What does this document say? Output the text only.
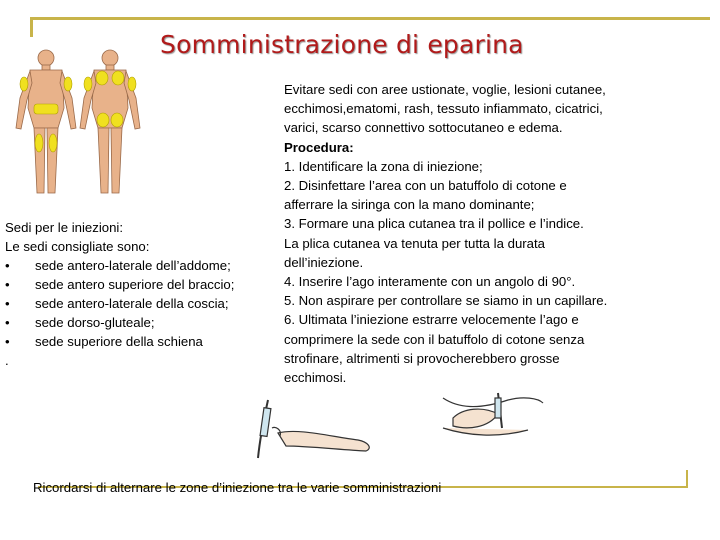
Somministrazione di eparina
Sedi per le iniezioni:
Le sedi consigliate sono:
• sede antero-laterale dell’addome;
• sede antero superiore del braccio;
• sede antero-laterale della coscia;
• sede dorso-gluteale;
• sede superiore della schiena
.
Evitare sedi con aree ustionate, voglie, lesioni cutanee,
ecchimosi,ematomi, rash, tessuto infiammato, cicatrici,
varici, scarso connettivo sottocutaneo e edema.
Procedura:
1. Identificare la zona di iniezione;
2. Disinfettare l’area con un batuffolo di cotone e
afferrare la siringa con la mano dominante;
3. Formare una plica cutanea tra il pollice e l’indice.
La plica cutanea va tenuta per tutta la durata
dell’iniezione.
4. Inserire l’ago interamente con un angolo di 90°.
5. Non aspirare per controllare se siamo in un capillare.
6. Ultimata l’iniezione estrarre velocemente l’ago e
comprimere la sede con il batuffolo di cotone senza
strofinare, altrimenti si provocherebbero grosse
ecchimosi.
Ricordarsi di alternare le zone d’iniezione tra le varie somministrazioni
